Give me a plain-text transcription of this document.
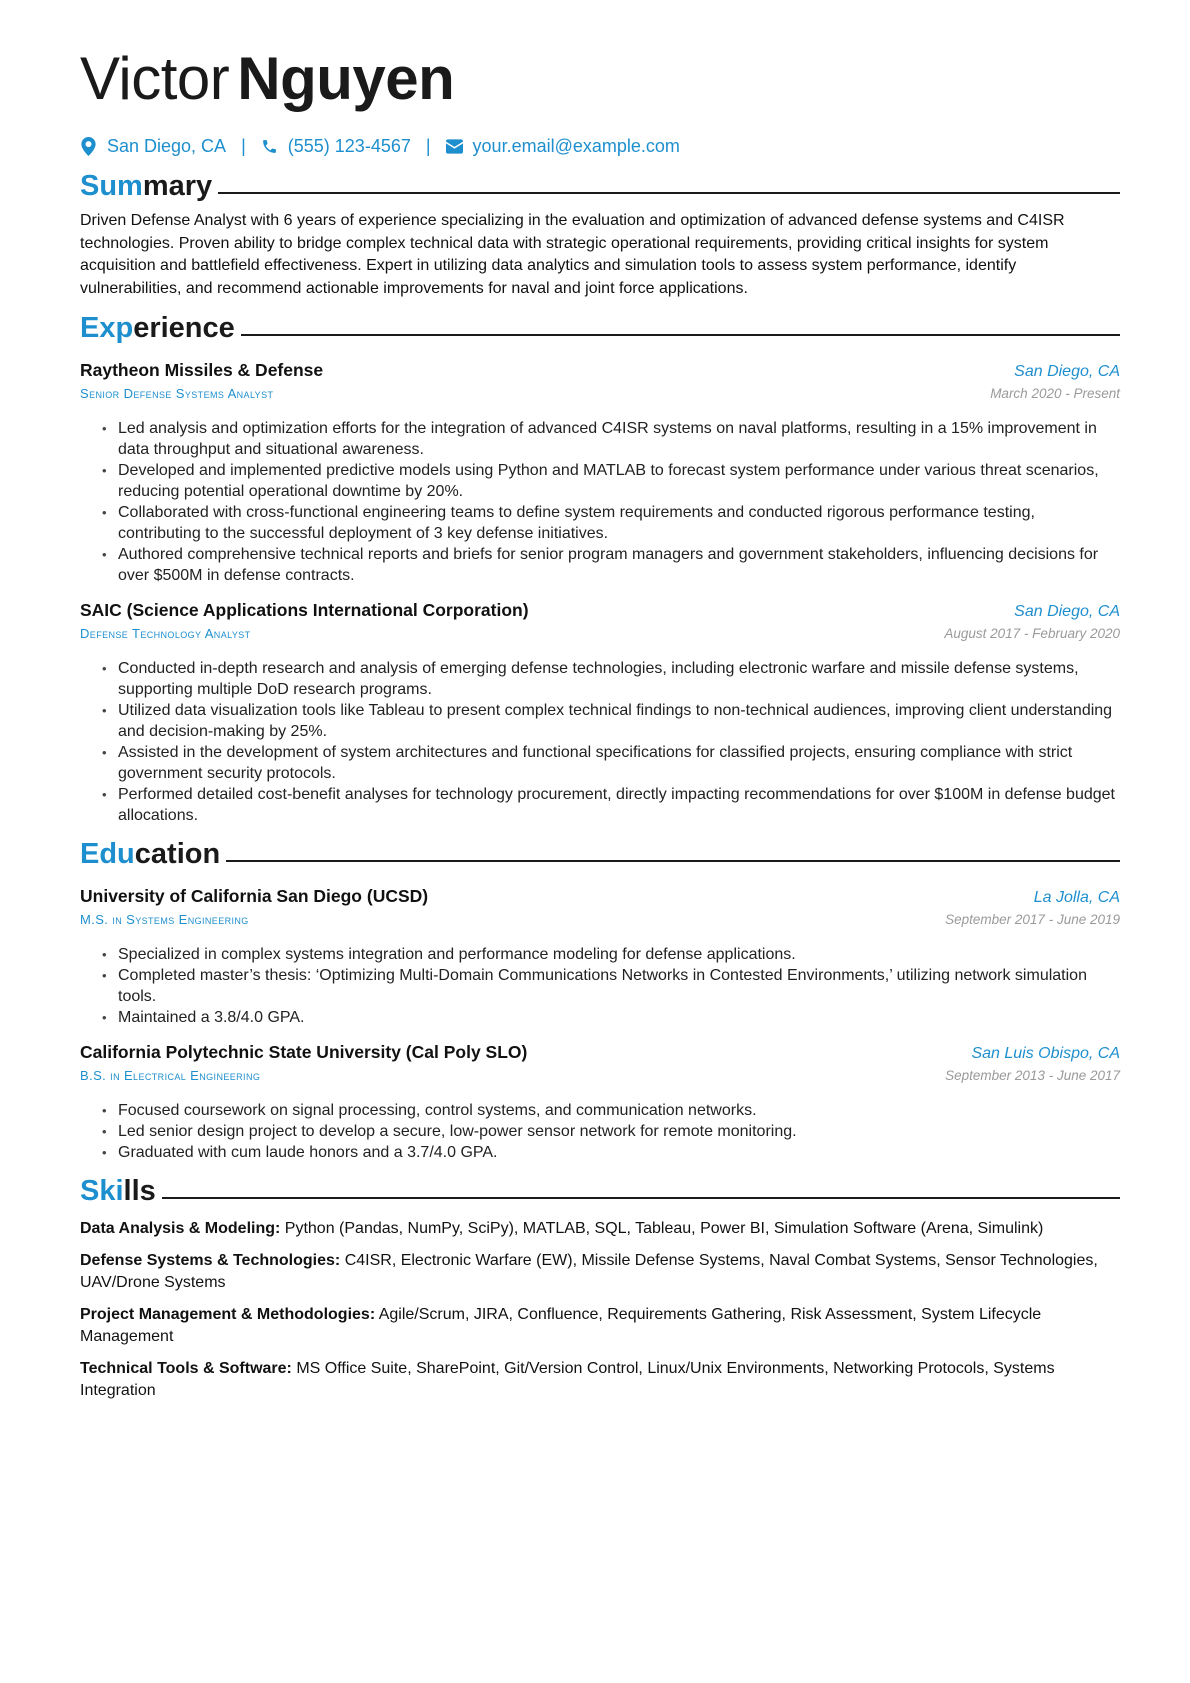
Victor Nguyen
San Diego, CA | (555) 123-4567 | your.email@example.com
Summary

Driven Defense Analyst with 6 years of experience specializing in the evaluation and optimization of advanced defense systems and C4ISR technologies. Proven ability to bridge complex technical data with strategic operational requirements, providing critical insights for system acquisition and battlefield effectiveness. Expert in utilizing data analytics and simulation tools to assess system performance, identify vulnerabilities, and recommend actionable improvements for naval and joint force applications.

Experience
Raytheon Missiles & Defense	San Diego, CA
Senior Defense Systems Analyst	March 2020 - Present
• Led analysis and optimization efforts for the integration of advanced C4ISR systems on naval platforms, resulting in a 15% improvement in data throughput and situational awareness.
• Developed and implemented predictive models using Python and MATLAB to forecast system performance under various threat scenarios, reducing potential operational downtime by 20%.
• Collaborated with cross-functional engineering teams to define system requirements and conducted rigorous performance testing, contributing to the successful deployment of 3 key defense initiatives.
• Authored comprehensive technical reports and briefs for senior program managers and government stakeholders, influencing decisions for over $500M in defense contracts.
SAIC (Science Applications International Corporation)	San Diego, CA
Defense Technology Analyst	August 2017 - February 2020
• Conducted in-depth research and analysis of emerging defense technologies, including electronic warfare and missile defense systems, supporting multiple DoD research programs.
• Utilized data visualization tools like Tableau to present complex technical findings to non-technical audiences, improving client understanding and decision-making by 25%.
• Assisted in the development of system architectures and functional specifications for classified projects, ensuring compliance with strict government security protocols.
• Performed detailed cost-benefit analyses for technology procurement, directly impacting recommendations for over $100M in defense budget allocations.
Education
University of California San Diego (UCSD)	La Jolla, CA
M.S. in Systems Engineering	September 2017 - June 2019
• Specialized in complex systems integration and performance modeling for defense applications.
• Completed master’s thesis: ‘Optimizing Multi-Domain Communications Networks in Contested Environments,’ utilizing network simulation tools.
• Maintained a 3.8/4.0 GPA.
California Polytechnic State University (Cal Poly SLO)	San Luis Obispo, CA
B.S. in Electrical Engineering	September 2013 - June 2017
• Focused coursework on signal processing, control systems, and communication networks.
• Led senior design project to develop a secure, low-power sensor network for remote monitoring.
• Graduated with cum laude honors and a 3.7/4.0 GPA.
Skills

Data Analysis & Modeling: Python (Pandas, NumPy, SciPy), MATLAB, SQL, Tableau, Power BI, Simulation Software (Arena, Simulink)

Defense Systems & Technologies: C4ISR, Electronic Warfare (EW), Missile Defense Systems, Naval Combat Systems, Sensor Technologies, UAV/Drone Systems

Project Management & Methodologies: Agile/Scrum, JIRA, Confluence, Requirements Gathering, Risk Assessment, System Lifecycle Management

Technical Tools & Software: MS Office Suite, SharePoint, Git/Version Control, Linux/Unix Environments, Networking Protocols, Systems Integration
